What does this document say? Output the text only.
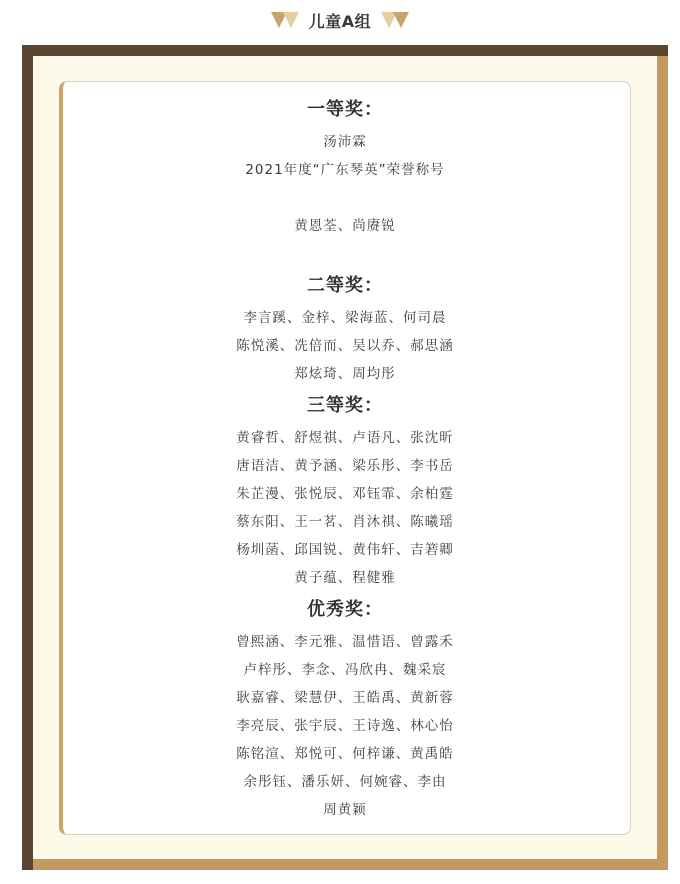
儿童A组
一等奖：
汤沛霖
2021年度“广东琴英”荣誉称号
黄恩荃、尚赓锐
二等奖：
李言蹊、金梓、梁海蓝、何司晨
陈悦溪、冼倍而、吴以乔、郝思涵
郑炫琦、周均彤
三等奖：
黄睿哲、舒煜祺、卢语凡、张沈昕
唐语洁、黄予涵、梁乐彤、李书岳
朱芷漫、张悦辰、邓钰霏、余柏霆
蔡东阳、王一茗、肖沐祺、陈曦瑶
杨圳菡、邱国锐、黄伟轩、吉箬卿
黄子蕴、程健雅
优秀奖：
曾熙涵、李元雅、温惜语、曾露禾
卢梓彤、李念、冯欣冉、魏采宸
耿嘉睿、梁慧伊、王皓禹、黄新蓉
李亮辰、张宇辰、王诗逸、林心怡
陈铭渲、郑悦可、何梓谦、黄禹皓
余彤钰、潘乐妍、何婉睿、李由
周黄颖
